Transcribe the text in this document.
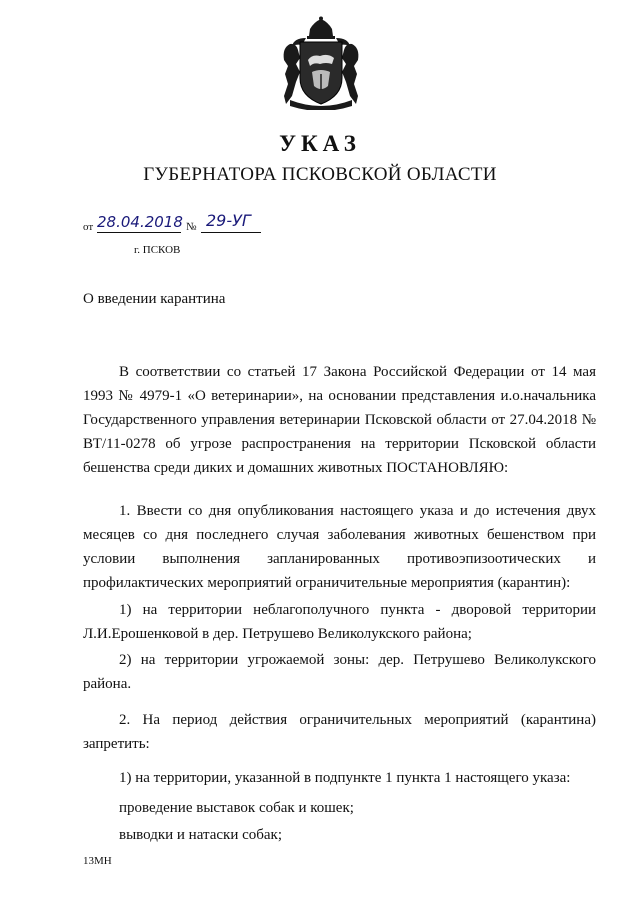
УКАЗ
ГУБЕРНАТОРА ПСКОВСКОЙ ОБЛАСТИ
от 28.04.2018 № 29-УГ
г. ПСКОВ
О введении карантина

В соответствии со статьей 17 Закона Российской Федерации от 14 мая 1993 № 4979-1 «О ветеринарии», на основании представления и.о.начальника Государственного управления ветеринарии Псковской области от 27.04.2018 № ВТ/11-0278 об угрозе распространения на территории Псковской области бешенства среди диких и домашних животных ПОСТАНОВЛЯЮ:

1. Ввести со дня опубликования настоящего указа и до истечения двух месяцев со дня последнего случая заболевания животных бешенством при условии выполнения запланированных противоэпизоотических и профилактических мероприятий ограничительные мероприятия (карантин):

1) на территории неблагополучного пункта - дворовой территории Л.И.Ерошенковой в дер. Петрушево Великолукского района;

2) на территории угрожаемой зоны: дер. Петрушево Великолукского района.

2. На период действия ограничительных мероприятий (карантина) запретить:

1) на территории, указанной в подпункте 1 пункта 1 настоящего указа:

проведение выставок собак и кошек;

выводки и натаски собак;

13МН
